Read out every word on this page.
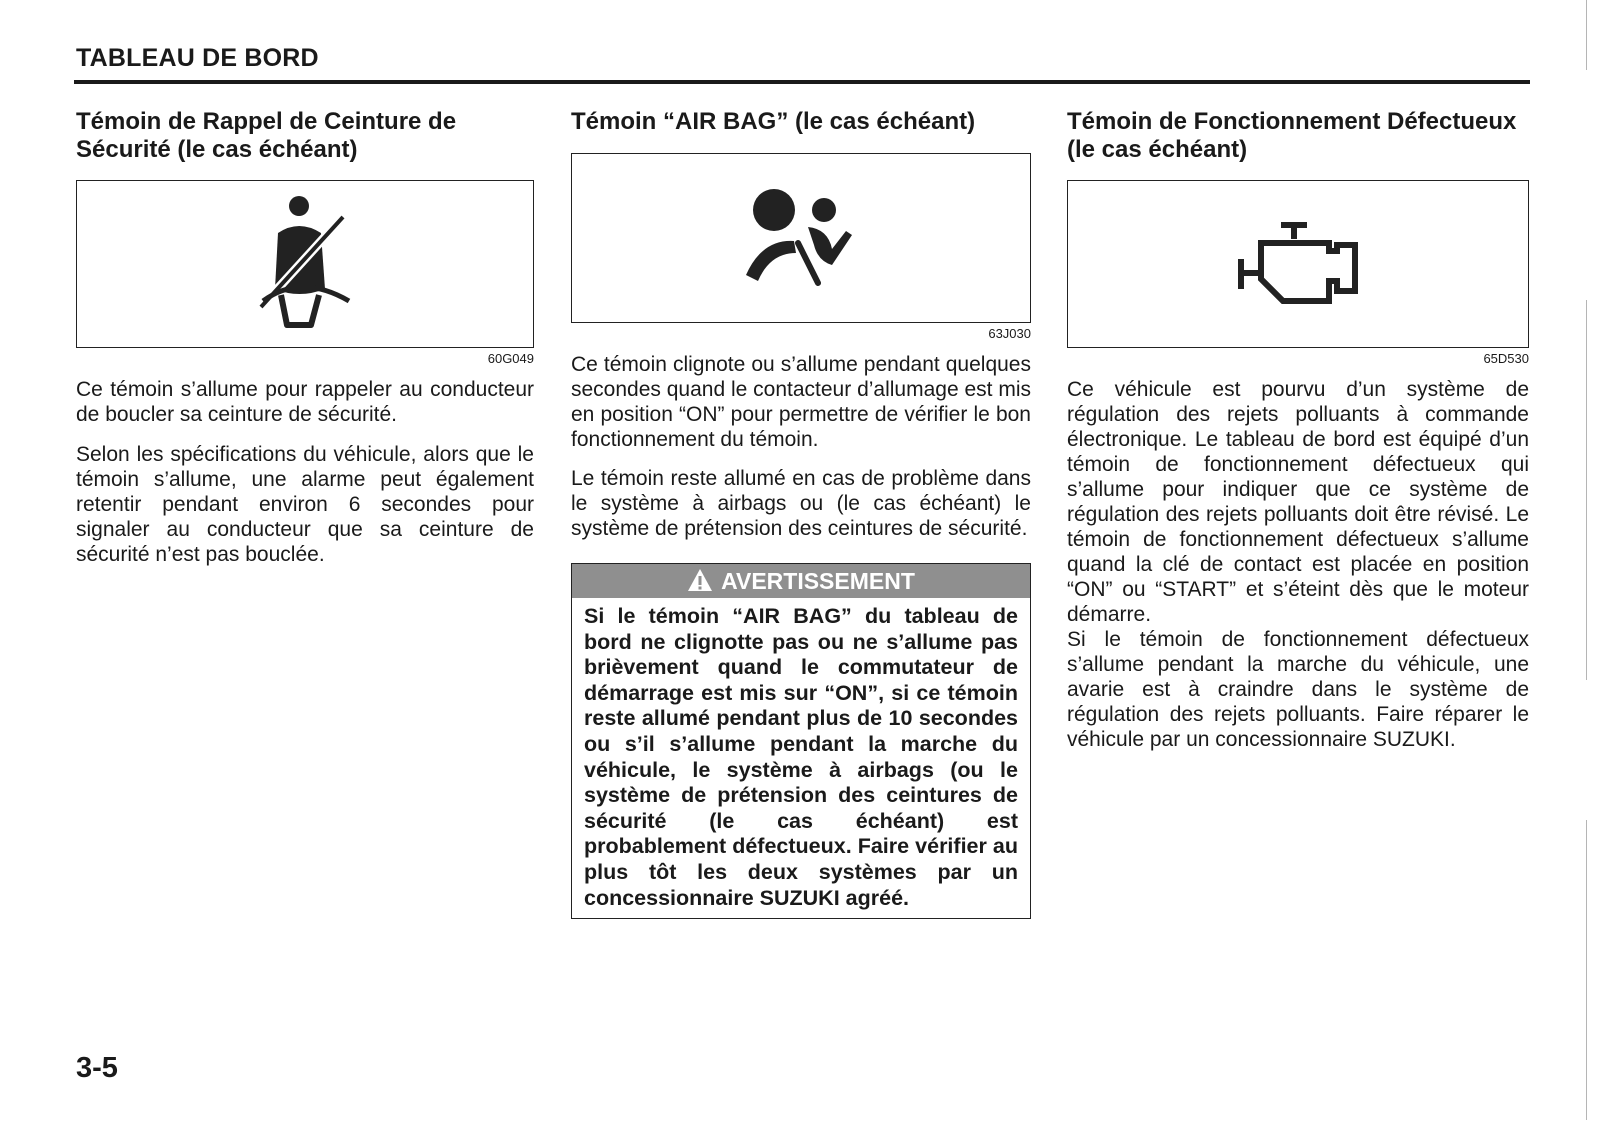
TABLEAU DE BORD
Témoin de Rappel de Ceinture de Sécurité (le cas échéant)
60G049

Ce témoin s’allume pour rappeler au conducteur de boucler sa ceinture de sécurité.

Selon les spécifications du véhicule, alors que le témoin s’allume, une alarme peut également retentir pendant environ 6 secondes pour signaler au conducteur que sa ceinture de sécurité n’est pas bouclée.

Témoin “AIR BAG” (le cas échéant)
63J030

Ce témoin clignote ou s’allume pendant quelques secondes quand le contacteur d’allumage est mis en position “ON” pour permettre de vérifier le bon fonctionnement du témoin.

Le témoin reste allumé en cas de problème dans le système à airbags ou (le cas échéant) le système de prétension des ceintures de sécurité.

AVERTISSEMENT
Si le témoin “AIR BAG” du tableau de bord ne clignotte pas ou ne s’allume pas brièvement quand le commutateur de démarrage est mis sur “ON”, si ce témoin reste allumé pendant plus de 10 secondes ou s’il s’allume pendant la marche du véhicule, le système à airbags (ou le système de prétension des ceintures de sécurité (le cas échéant) est probablement défectueux. Faire vérifier au plus tôt les deux systèmes par un concessionnaire SUZUKI agréé.
Témoin de Fonctionnement Défectueux (le cas échéant)
65D530

Ce véhicule est pourvu d’un système de régulation des rejets polluants à commande électronique. Le tableau de bord est équipé d’un témoin de fonctionnement défectueux qui s’allume pour indiquer que ce système de régulation des rejets polluants doit être révisé. Le témoin de fonctionnement défectueux s’allume quand la clé de contact est placée en position “ON” ou “START” et s’éteint dès que le moteur démarre.

Si le témoin de fonctionnement défectueux s’allume pendant la marche du véhicule, une avarie est à craindre dans le système de régulation des rejets polluants. Faire réparer le véhicule par un concessionnaire SUZUKI.

3-5
